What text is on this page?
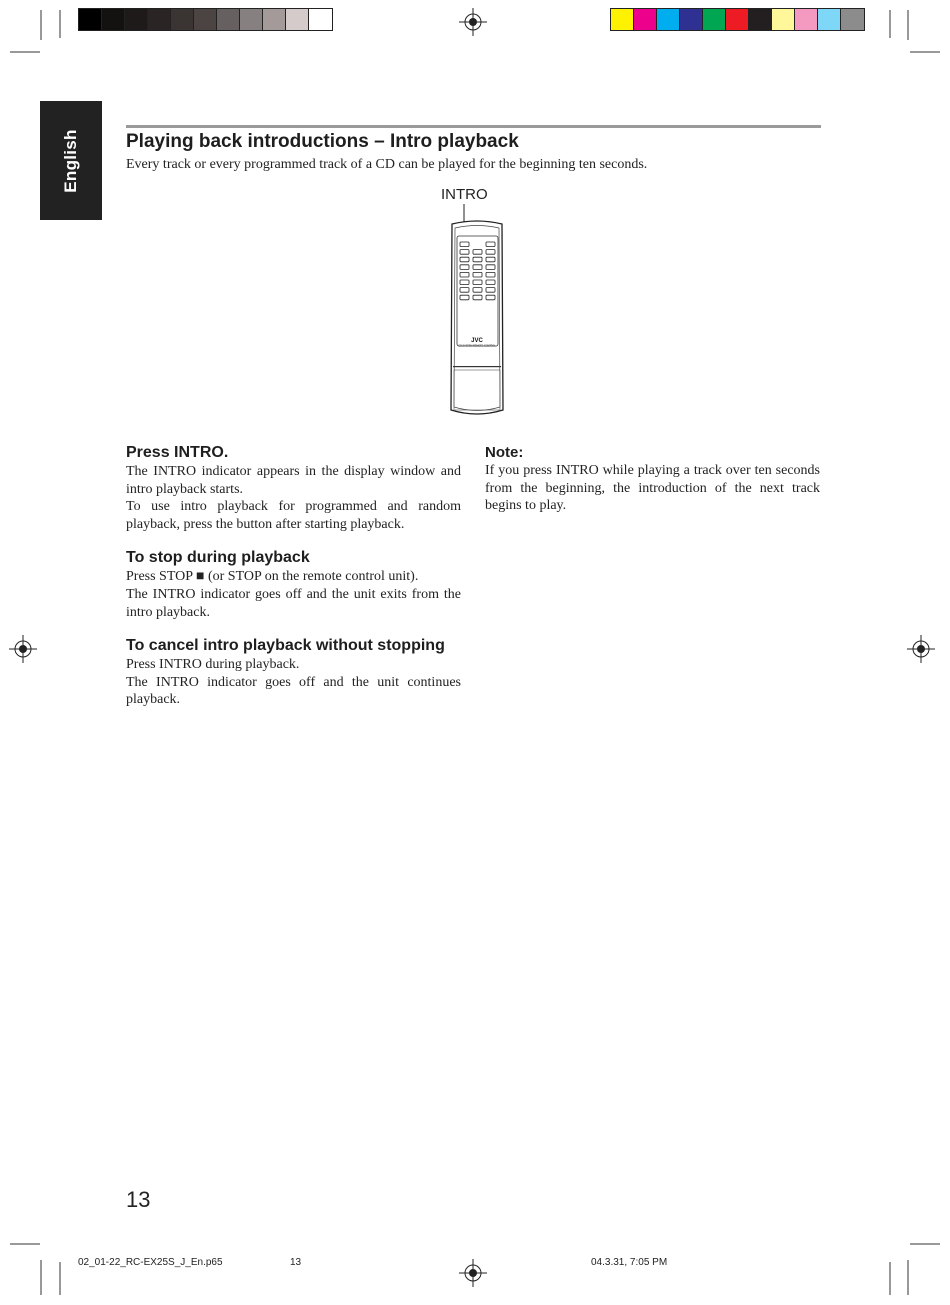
English Playing back introductions – Intro playback
Every track or every programmed track of a CD can be played for the beginning ten seconds.
INTRO
JVC
CD SYSTEM REMOTE CONTROL
Press INTRO.

The INTRO indicator appears in the display window and intro playback starts.

To use intro playback for programmed and random playback, press the button after starting playback.

To stop during playback

Press STOP ■ (or STOP on the remote control unit).

The INTRO indicator goes off and the unit exits from the intro playback.

To cancel intro playback without stopping

Press INTRO during playback.

The INTRO indicator goes off and the unit continues playback.

Note:

If you press INTRO while playing a track over ten seconds from the beginning, the introduction of the next track begins to play.

13
02_01-22_RC-EX25S_J_En.p65	13	04.3.31, 7:05 PM
